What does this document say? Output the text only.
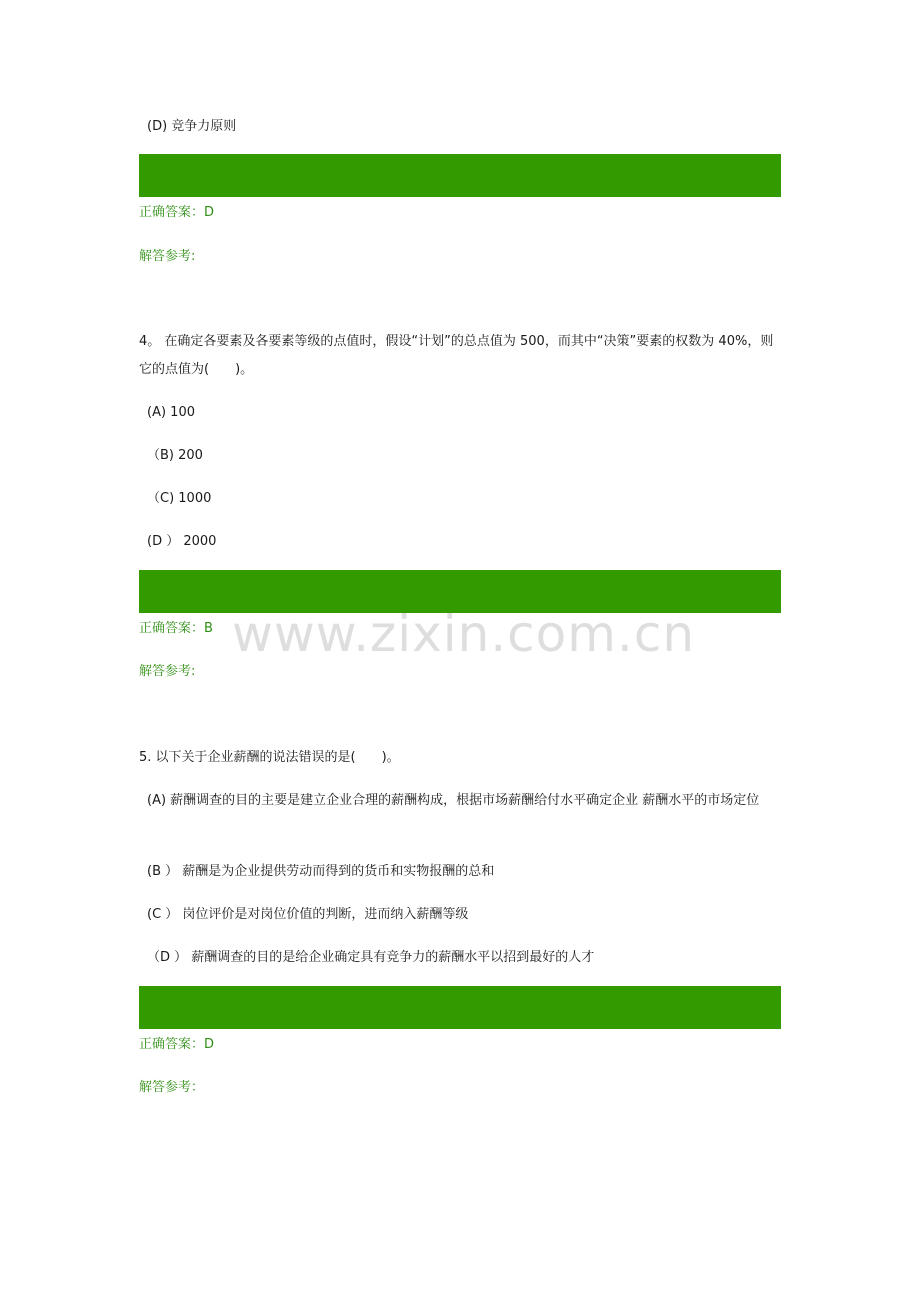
(D) 竞争力原则
正确答案：D
解答参考:
4。 在确定各要素及各要素等级的点值时，假设“计划”的总点值为 500，而其中“决策”要素的权数为 40%，则它的点值为(　　)。
(A) 100
（B) 200
（C) 1000
(D ） 2000
正确答案：B
解答参考:
www.zixin.com.cn
5. 以下关于企业薪酬的说法错误的是(　　)。
(A) 薪酬调查的目的主要是建立企业合理的薪酬构成，根据市场薪酬给付水平确定企业 薪酬水平的市场定位
(B ） 薪酬是为企业提供劳动而得到的货币和实物报酬的总和
(C ） 岗位评价是对岗位价值的判断，进而纳入薪酬等级
（D ） 薪酬调查的目的是给企业确定具有竞争力的薪酬水平以招到最好的人才
正确答案：D
解答参考：
